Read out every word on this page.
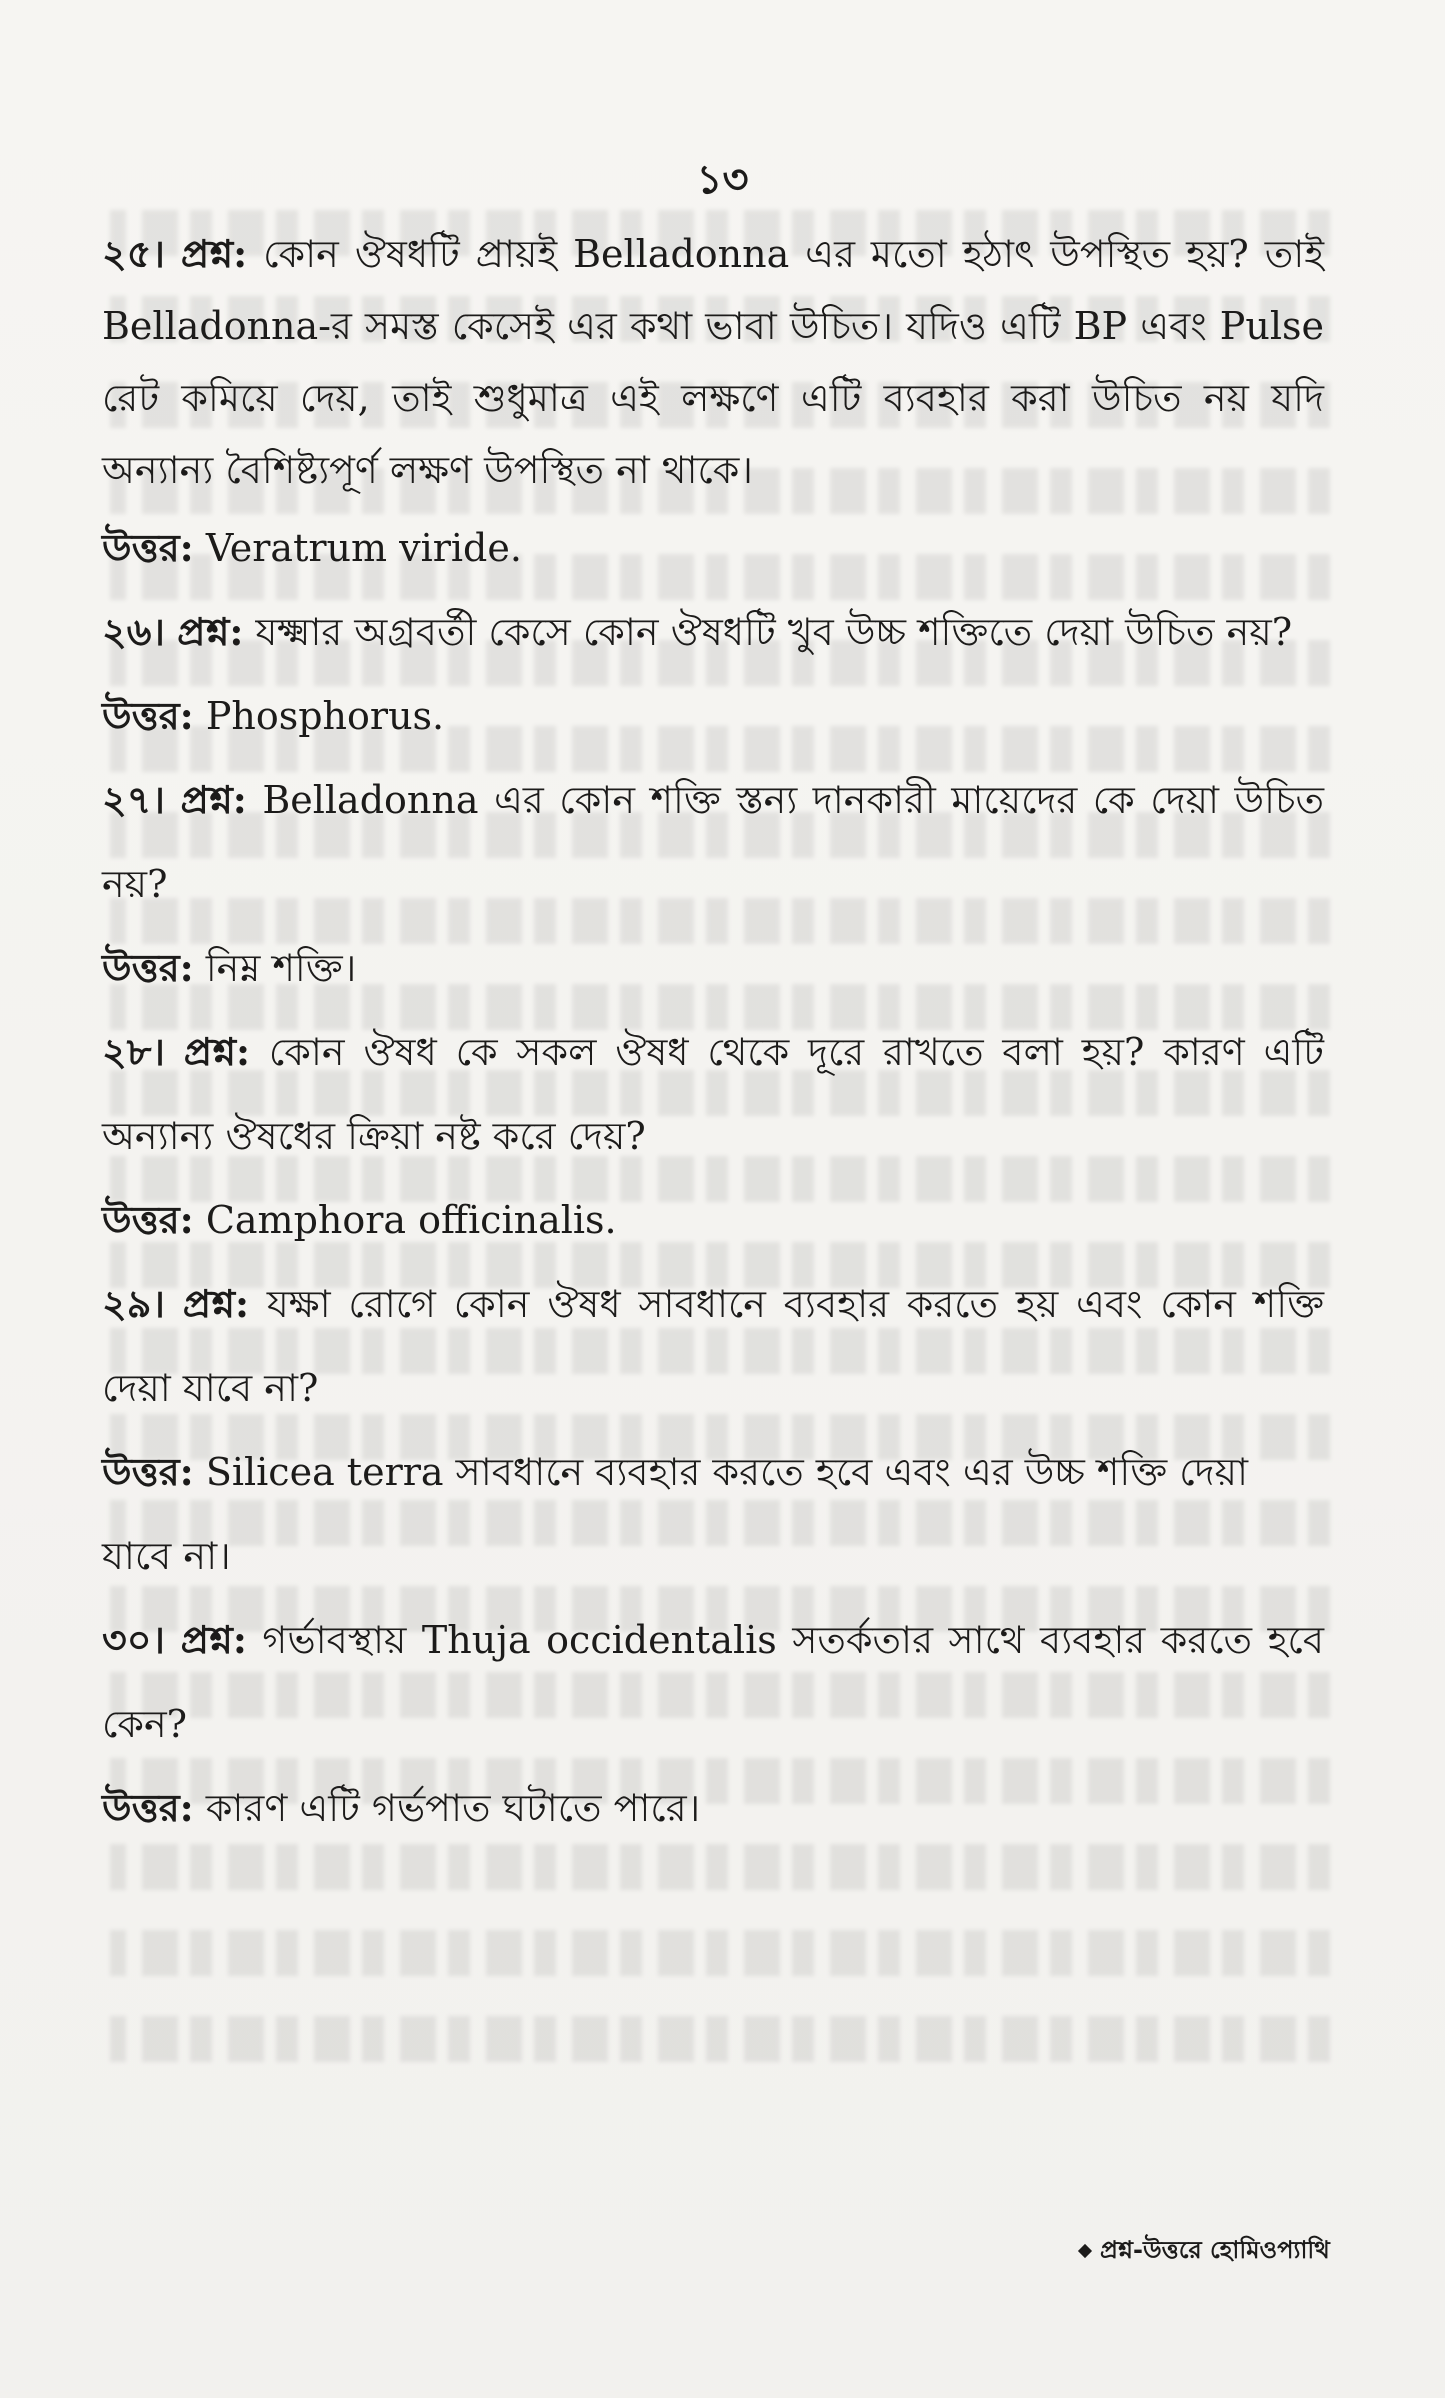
১৩

২৫। প্রশ্ন: কোন ঔষধটি প্রায়ই Belladonna এর মতো হঠাৎ উপস্থিত হয়? তাই Belladonna-র সমস্ত কেসেই এর কথা ভাবা উচিত। যদিও এটি BP এবং Pulse রেট কমিয়ে দেয়, তাই শুধুমাত্র এই লক্ষণে এটি ব্যবহার করা উচিত নয় যদি অন্যান্য বৈশিষ্ট্যপূর্ণ লক্ষণ উপস্থিত না থাকে।

উত্তর: Veratrum viride.

২৬। প্রশ্ন: যক্ষ্মার অগ্রবর্তী কেসে কোন ঔষধটি খুব উচ্চ শক্তিতে দেয়া উচিত নয়?

উত্তর: Phosphorus.

২৭। প্রশ্ন: Belladonna এর কোন শক্তি স্তন্য দানকারী মায়েদের কে দেয়া উচিত নয়?

উত্তর: নিম্ন শক্তি।

২৮। প্রশ্ন: কোন ঔষধ কে সকল ঔষধ থেকে দূরে রাখতে বলা হয়? কারণ এটি অন্যান্য ঔষধের ক্রিয়া নষ্ট করে দেয়?

উত্তর: Camphora officinalis.

২৯। প্রশ্ন: যক্ষা রোগে কোন ঔষধ সাবধানে ব্যবহার করতে হয় এবং কোন শক্তি দেয়া যাবে না?

উত্তর: Silicea terra সাবধানে ব্যবহার করতে হবে এবং এর উচ্চ শক্তি দেয়া যাবে না।

৩০। প্রশ্ন: গর্ভাবস্থায় Thuja occidentalis সতর্কতার সাথে ব্যবহার করতে হবে কেন?

উত্তর: কারণ এটি গর্ভপাত ঘটাতে পারে।

প্রশ্ন-উত্তরে হোমিওপ্যাথি
